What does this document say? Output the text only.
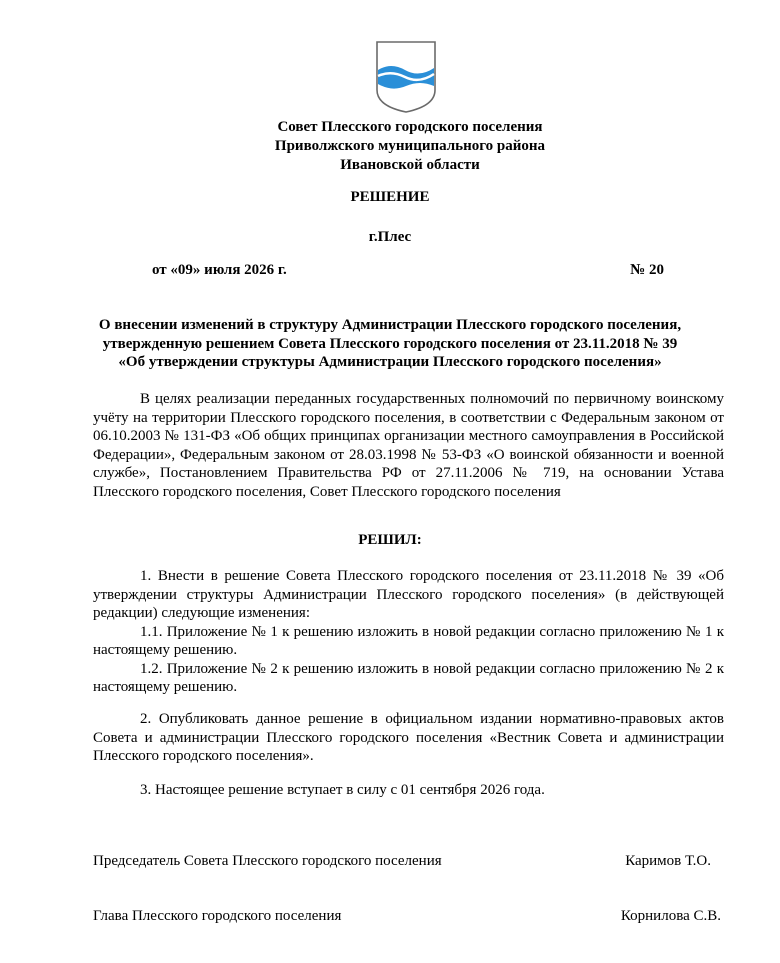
Совет Плесского городского поселения
Приволжского муниципального района
Ивановской области
РЕШЕНИЕ
г.Плес
от «09» июля 2026 г.	№ 20
О внесении изменений в структуру Администрации Плесского городского поселения,
утвержденную решением Совета Плесского городского поселения от 23.11.2018 № 39
«Об утверждении структуры Администрации Плесского городского поселения»

В целях реализации переданных государственных полномочий по первичному воинскому учёту на территории Плесского городского поселения, в соответствии с Федеральным законом от 06.10.2003 № 131-ФЗ «Об общих принципах организации местного самоуправления в Российской Федерации», Федеральным законом от 28.03.1998 № 53-ФЗ «О воинской обязанности и военной службе», Постановлением Правительства РФ от 27.11.2006 № 719, на основании Устава Плесского городского поселения, Совет Плесского городского поселения

РЕШИЛ:

1. Внести в решение Совета Плесского городского поселения от 23.11.2018 № 39 «Об утверждении структуры Администрации Плесского городского поселения» (в действующей редакции) следующие изменения:

1.1. Приложение № 1 к решению изложить в новой редакции согласно приложению № 1 к настоящему решению.

1.2. Приложение № 2 к решению изложить в новой редакции согласно приложению № 2 к настоящему решению.

2. Опубликовать данное решение в официальном издании нормативно-правовых актов Совета и администрации Плесского городского поселения «Вестник Совета и администрации Плесского городского поселения».

3. Настоящее решение вступает в силу с 01 сентября 2026 года.

Председатель Совета Плесского городского поселения	Каримов Т.О.
Глава Плесского городского поселения	Корнилова С.В.
